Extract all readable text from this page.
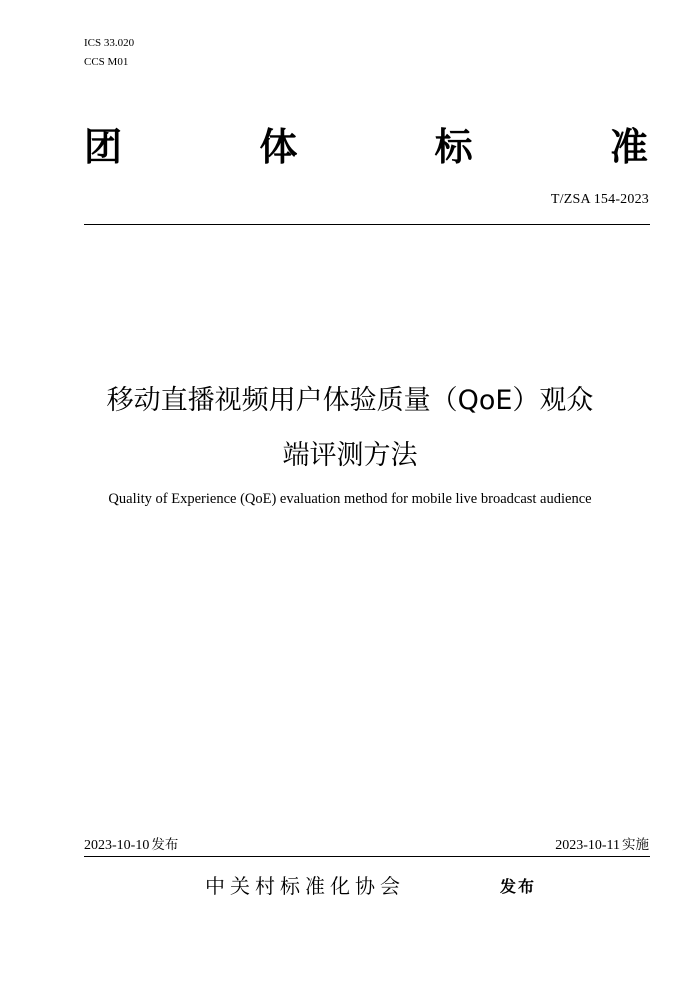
ICS 33.020
CCS M01
团	体	标	准
T/ZSA 154-2023
移动直播视频用户体验质量（QoE）观众
端评测方法
Quality of Experience (QoE) evaluation method for mobile live broadcast audience
2023-10-10 发布	2023-10-11 实施
中关村标准化协会	发布
